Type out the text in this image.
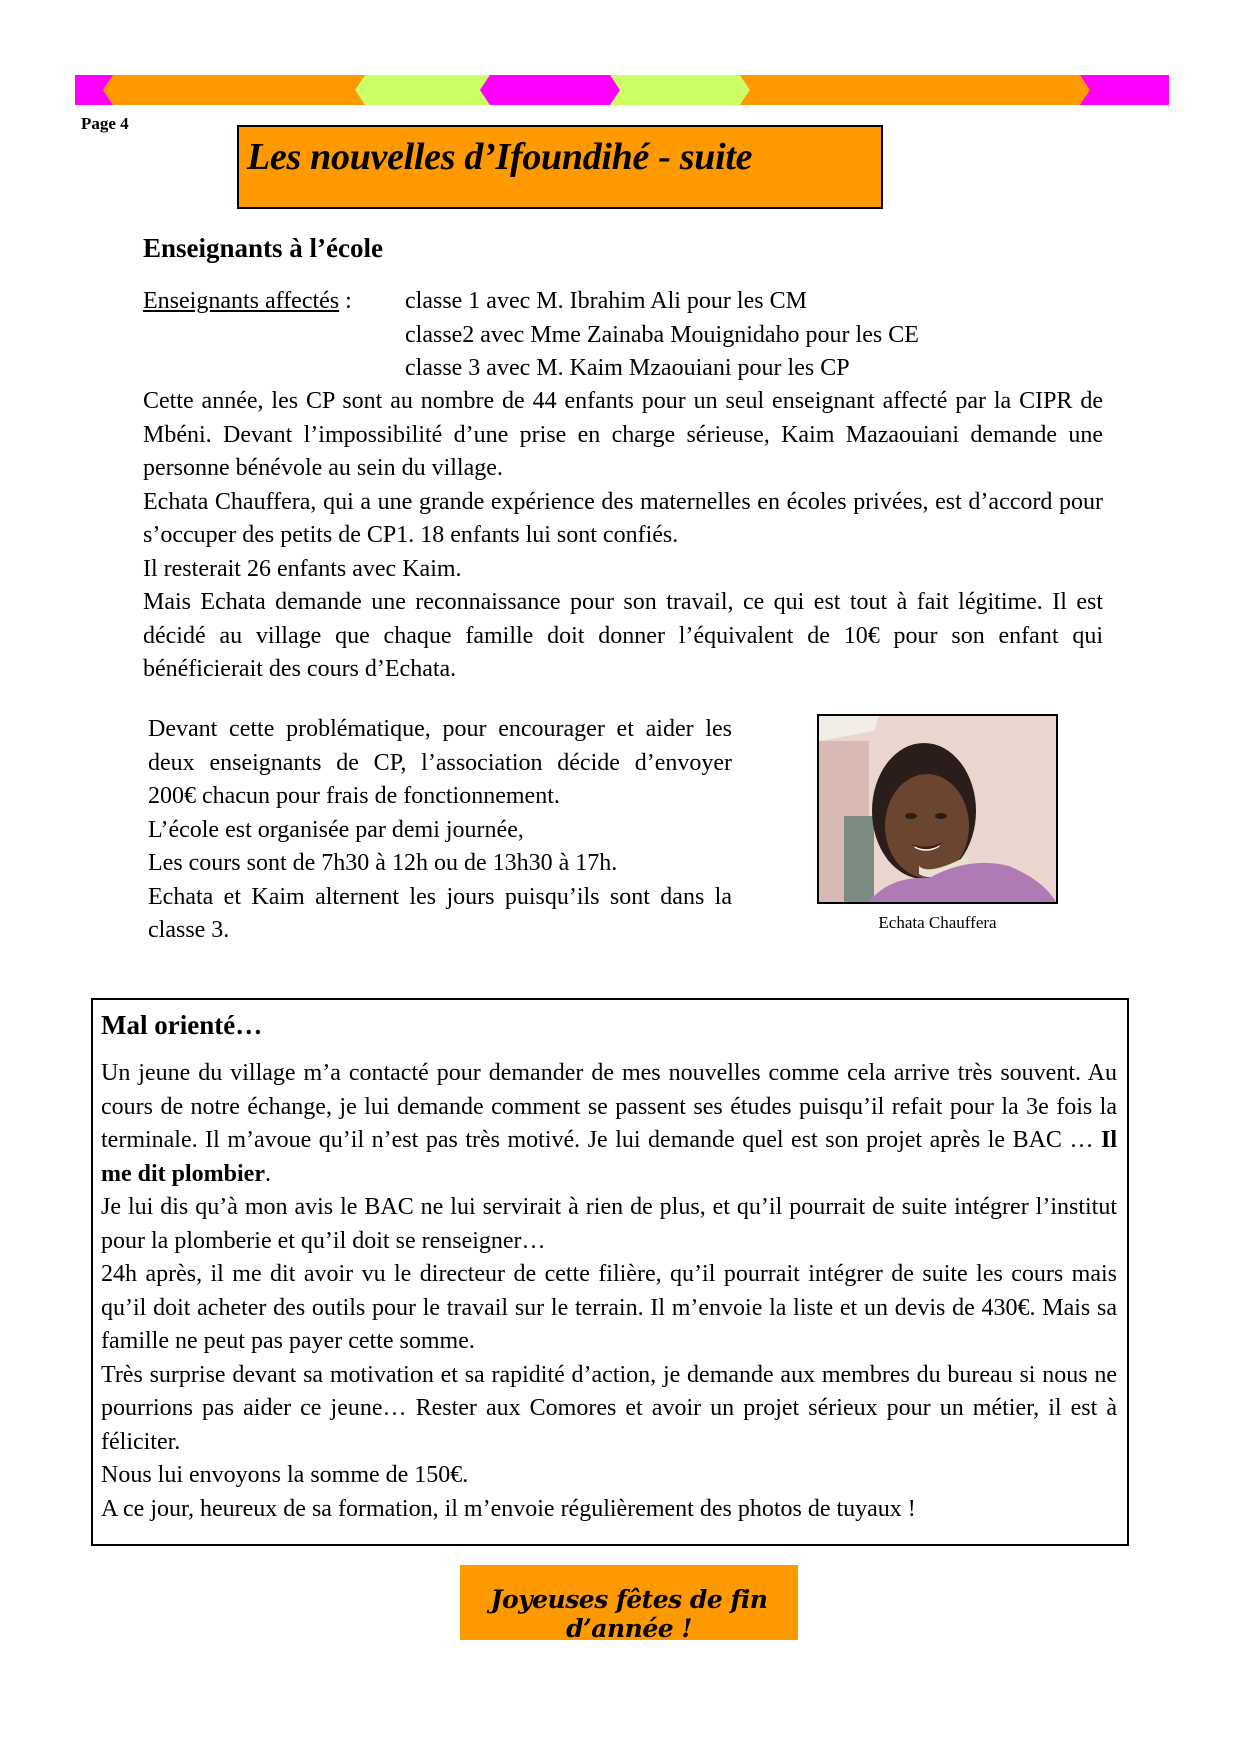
Page 4
Les nouvelles d’Ifoundihé - suite
Enseignants à l’école
Enseignants affectés :	classe 1 avec M. Ibrahim Ali pour les CM
classe2 avec Mme Zainaba Mouignidaho pour les CE
classe 3 avec M. Kaim Mzaouiani pour les CP

Cette année, les CP sont au nombre de 44 enfants pour un seul enseignant affecté par la CIPR de Mbéni. Devant l’impossibilité d’une prise en charge sérieuse, Kaim Mazaouiani demande une personne bénévole au sein du village.

Echata Chauffera, qui a une grande expérience des maternelles en écoles privées, est d’accord pour s’occuper des petits de CP1. 18 enfants lui sont confiés.

Il resterait 26 enfants avec Kaim.

Mais Echata demande une reconnaissance pour son travail, ce qui est tout à fait légitime. Il est décidé au village que chaque famille doit donner l’équivalent de 10€ pour son enfant qui bénéficierait des cours d’Echata.

Devant cette problématique, pour encourager et aider les deux enseignants de CP, l’association décide d’envoyer 200€ chacun pour frais de fonctionnement.

L’école est organisée par demi journée,

Les cours sont de 7h30 à 12h ou de 13h30 à 17h.

Echata et Kaim alternent les jours puisqu’ils sont dans la classe 3.	Echata Chauffera
Mal orienté…

Un jeune du village m’a contacté pour demander de mes nouvelles comme cela arrive très souvent. Au cours de notre échange, je lui demande comment se passent ses études puisqu’il refait pour la 3e fois la terminale. Il m’avoue qu’il n’est pas très motivé. Je lui demande quel est son projet après le BAC … Il me dit plombier.

Je lui dis qu’à mon avis le BAC ne lui servirait à rien de plus, et qu’il pourrait de suite intégrer l’institut pour la plomberie et qu’il doit se renseigner…

24h après, il me dit avoir vu le directeur de cette filière, qu’il pourrait intégrer de suite les cours mais qu’il doit acheter des outils pour le travail sur le terrain. Il m’envoie la liste et un devis de 430€. Mais sa famille ne peut pas payer cette somme.

Très surprise devant sa motivation et sa rapidité d’action, je demande aux membres du bureau si nous ne pourrions pas aider ce jeune… Rester aux Comores et avoir un projet sérieux pour un métier, il est à féliciter.

Nous lui envoyons la somme de 150€.

A ce jour, heureux de sa formation, il m’envoie régulièrement des photos de tuyaux !

Joyeuses fêtes de fin d’année !
